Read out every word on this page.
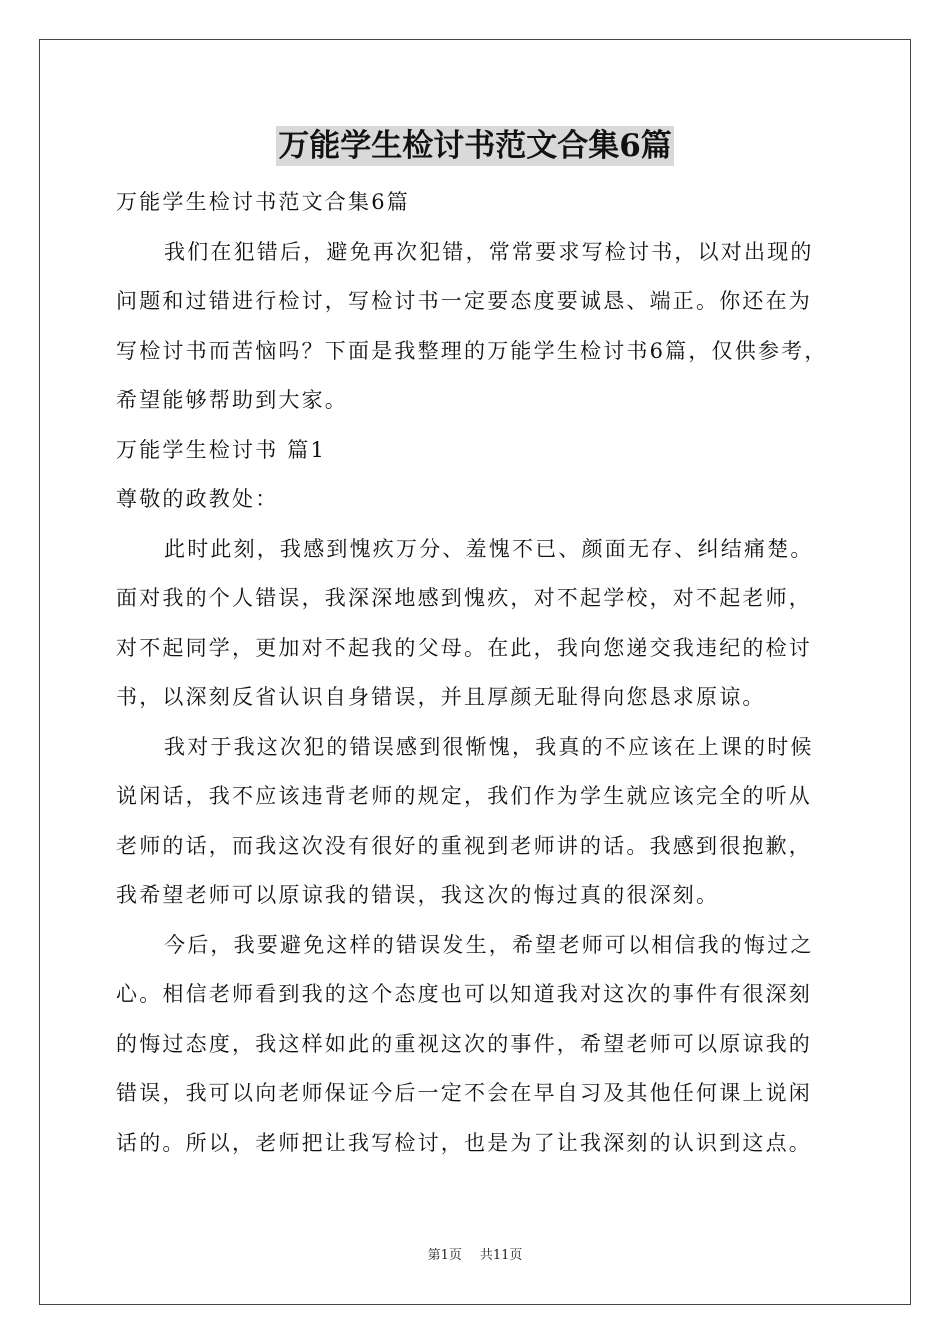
万能学生检讨书范文合集6篇
万能学生检讨书范文合集6篇
我们在犯错后，避免再次犯错，常常要求写检讨书，以对出现的
问题和过错进行检讨，写检讨书一定要态度要诚恳、端正。你还在为
写检讨书而苦恼吗？下面是我整理的万能学生检讨书6篇，仅供参考，
希望能够帮助到大家。
万能学生检讨书 篇1
尊敬的政教处：
此时此刻，我感到愧疚万分、羞愧不已、颜面无存、纠结痛楚。
面对我的个人错误，我深深地感到愧疚，对不起学校，对不起老师，
对不起同学，更加对不起我的父母。在此，我向您递交我违纪的检讨
书，以深刻反省认识自身错误，并且厚颜无耻得向您恳求原谅。
我对于我这次犯的错误感到很惭愧，我真的不应该在上课的时候
说闲话，我不应该违背老师的规定，我们作为学生就应该完全的听从
老师的话，而我这次没有很好的重视到老师讲的话。我感到很抱歉，
我希望老师可以原谅我的错误，我这次的悔过真的很深刻。
今后，我要避免这样的错误发生，希望老师可以相信我的悔过之
心。相信老师看到我的这个态度也可以知道我对这次的事件有很深刻
的悔过态度，我这样如此的重视这次的事件，希望老师可以原谅我的
错误，我可以向老师保证今后一定不会在早自习及其他任何课上说闲
话的。所以，老师把让我写检讨，也是为了让我深刻的认识到这点。
第1页 共11页
